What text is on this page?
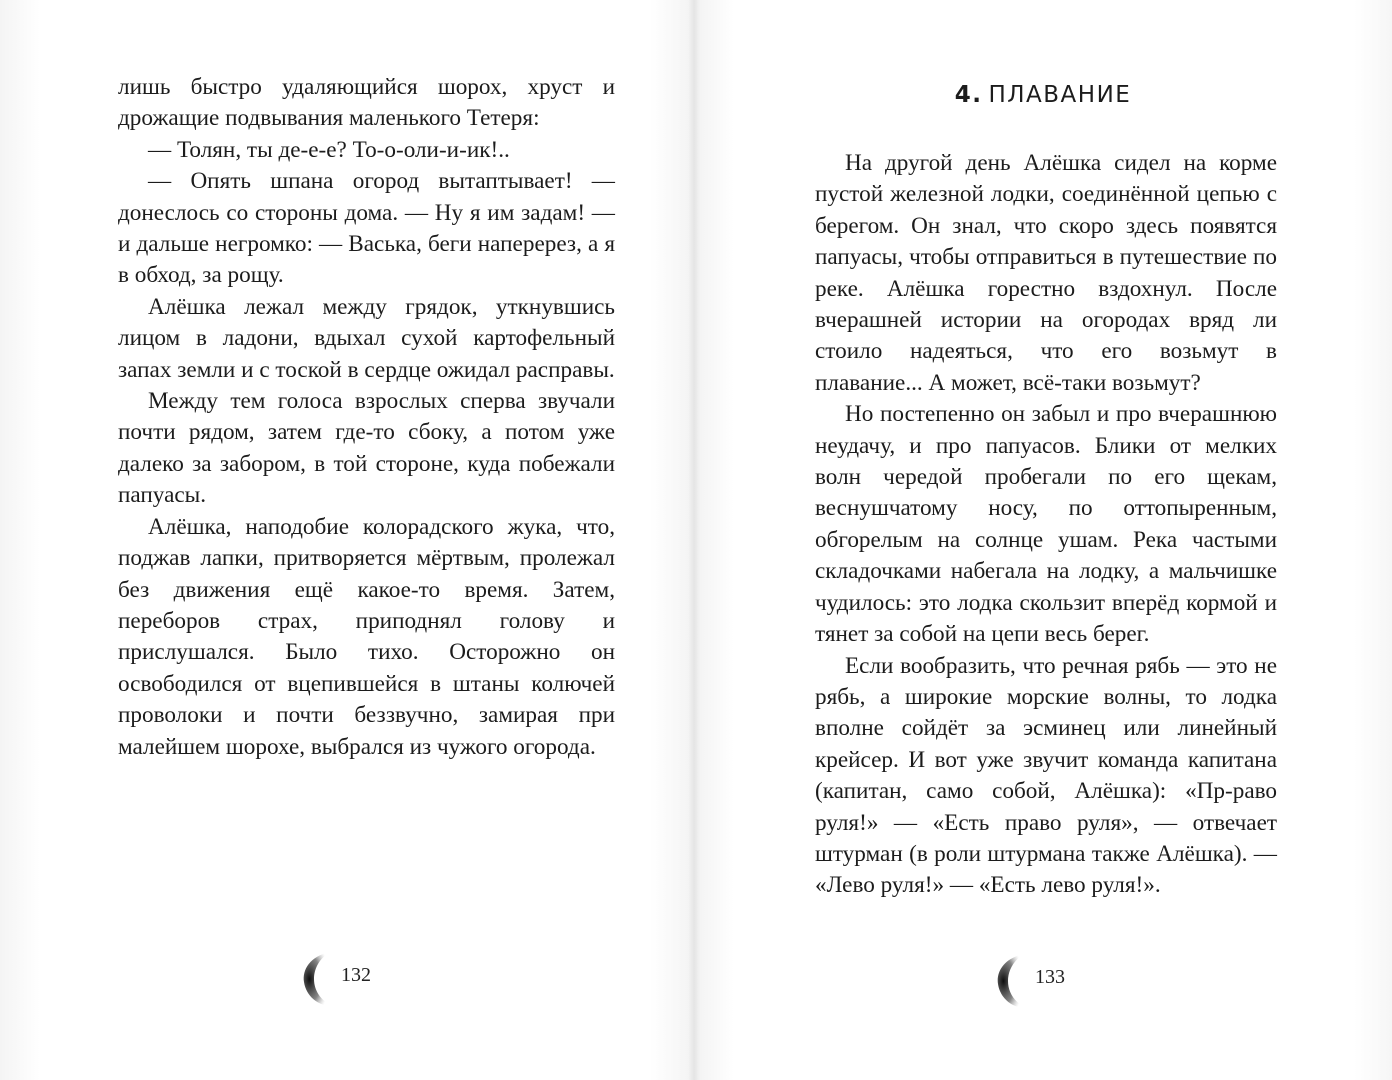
лишь быстро удаляющийся шорох, хруст и дрожащие подвывания маленького Тетеря:

— Толян, ты де-е-е? То-о-оли-и-ик!..

— Опять шпана огород вытаптывает! — донеслось со стороны дома. — Ну я им задам! — и дальше негромко: — Васька, беги наперерез, а я в обход, за рощу.

Алёшка лежал между грядок, уткнувшись лицом в ладони, вдыхал сухой картофельный запах земли и с тоской в сердце ожидал расправы.

Между тем голоса взрослых сперва звучали почти рядом, затем где-то сбоку, а потом уже далеко за забором, в той стороне, куда побежали папуасы.

Алёшка, наподобие колорадского жука, что, поджав лапки, притворяется мёртвым, пролежал без движения ещё какое-то время. Затем, переборов страх, приподнял голову и прислушался. Было тихо. Осторожно он освободился от вцепившейся в штаны колючей проволоки и почти беззвучно, замирая при малейшем шорохе, выбрался из чужого огорода.

132
4. ПЛАВАНИЕ

На другой день Алёшка сидел на корме пустой железной лодки, соединённой цепью с берегом. Он знал, что скоро здесь появятся папуасы, чтобы отправиться в путешествие по реке. Алёшка горестно вздохнул. После вчерашней истории на огородах вряд ли стоило надеяться, что его возьмут в плавание... А может, всё-таки возьмут?

Но постепенно он забыл и про вчерашнюю неудачу, и про папуасов. Блики от мелких волн чередой пробегали по его щекам, веснушчатому носу, по оттопыренным, обгорелым на солнце ушам. Река частыми складочками набегала на лодку, а мальчишке чудилось: это лодка скользит вперёд кормой и тянет за собой на цепи весь берег.

Если вообразить, что речная рябь — это не рябь, а широкие морские волны, то лодка вполне сойдёт за эсминец или линейный крейсер. И вот уже звучит команда капитана (капитан, само собой, Алёшка): «Пр-раво руля!» — «Есть право руля», — отвечает штурман (в роли штурмана также Алёшка). — «Лево руля!» — «Есть лево руля!».

133
